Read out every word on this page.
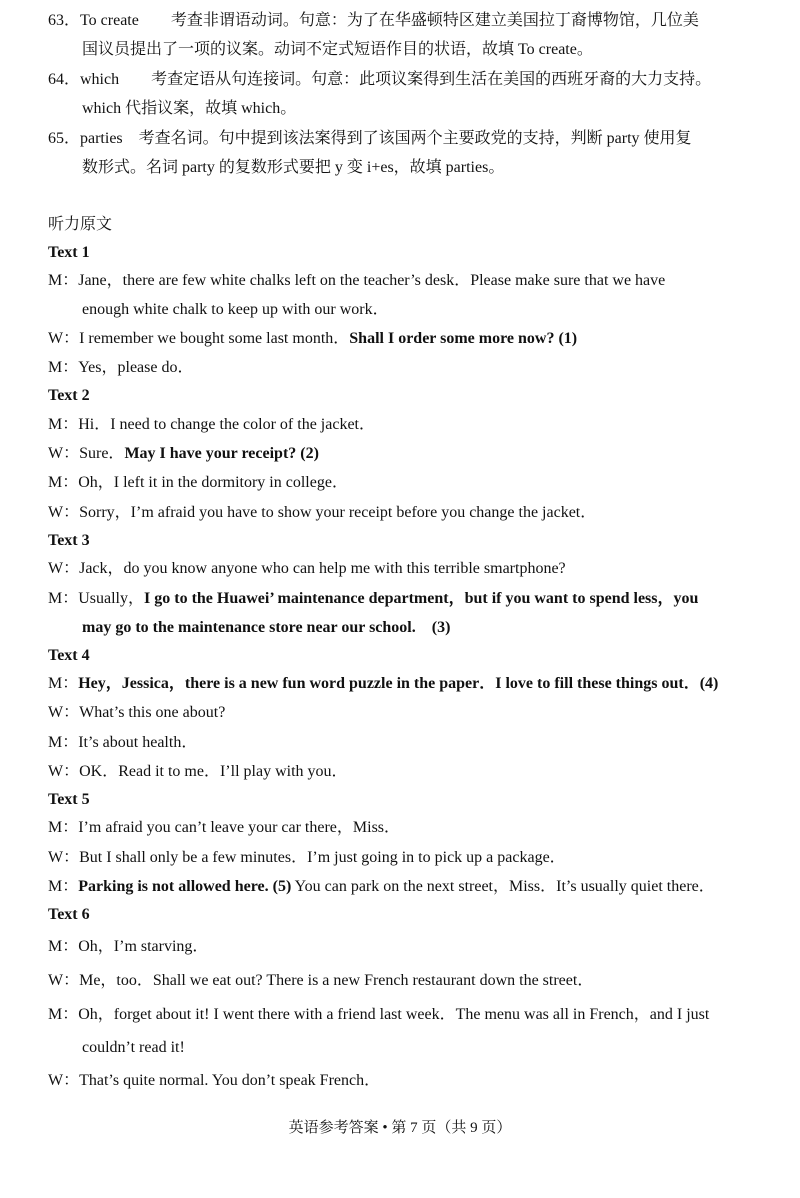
63．To create　　考查非谓语动词。句意：为了在华盛顿特区建立美国拉丁裔博物馆，几位美
国议员提出了一项的议案。动词不定式短语作目的状语，故填 To create。
64．which　　考查定语从句连接词。句意：此项议案得到生活在美国的西班牙裔的大力支持。
which 代指议案，故填 which。
65．parties　考查名词。句中提到该法案得到了该国两个主要政党的支持，判断 party 使用复
数形式。名词 party 的复数形式要把 y 变 i+es，故填 parties。
听力原文
Text 1
M：Jane，there are few white chalks left on the teacher’s desk．Please make sure that we have
enough white chalk to keep up with our work．
W：I remember we bought some last month．Shall I order some more now? (1)
M：Yes，please do．
Text 2
M：Hi．I need to change the color of the jacket．
W：Sure．May I have your receipt? (2)
M：Oh，I left it in the dormitory in college．
W：Sorry，I’m afraid you have to show your receipt before you change the jacket．
Text 3
W：Jack，do you know anyone who can help me with this terrible smartphone?
M：Usually，I go to the Huawei’ maintenance department，but if you want to spend less，you
may go to the maintenance store near our school.　(3)
Text 4
M：Hey，Jessica，there is a new fun word puzzle in the paper．I love to fill these things out．(4)
W：What’s this one about?
M：It’s about health．
W：OK．Read it to me．I’ll play with you．
Text 5
M：I’m afraid you can’t leave your car there，Miss．
W：But I shall only be a few minutes．I’m just going in to pick up a package．
M：Parking is not allowed here. (5) You can park on the next street，Miss．It’s usually quiet there．
Text 6
M：Oh，I’m starving．
W：Me，too．Shall we eat out? There is a new French restaurant down the street．
M：Oh，forget about it! I went there with a friend last week．The menu was all in French，and I just
couldn’t read it!
W：That’s quite normal. You don’t speak French．
英语参考答案 • 第 7 页（共 9 页）
